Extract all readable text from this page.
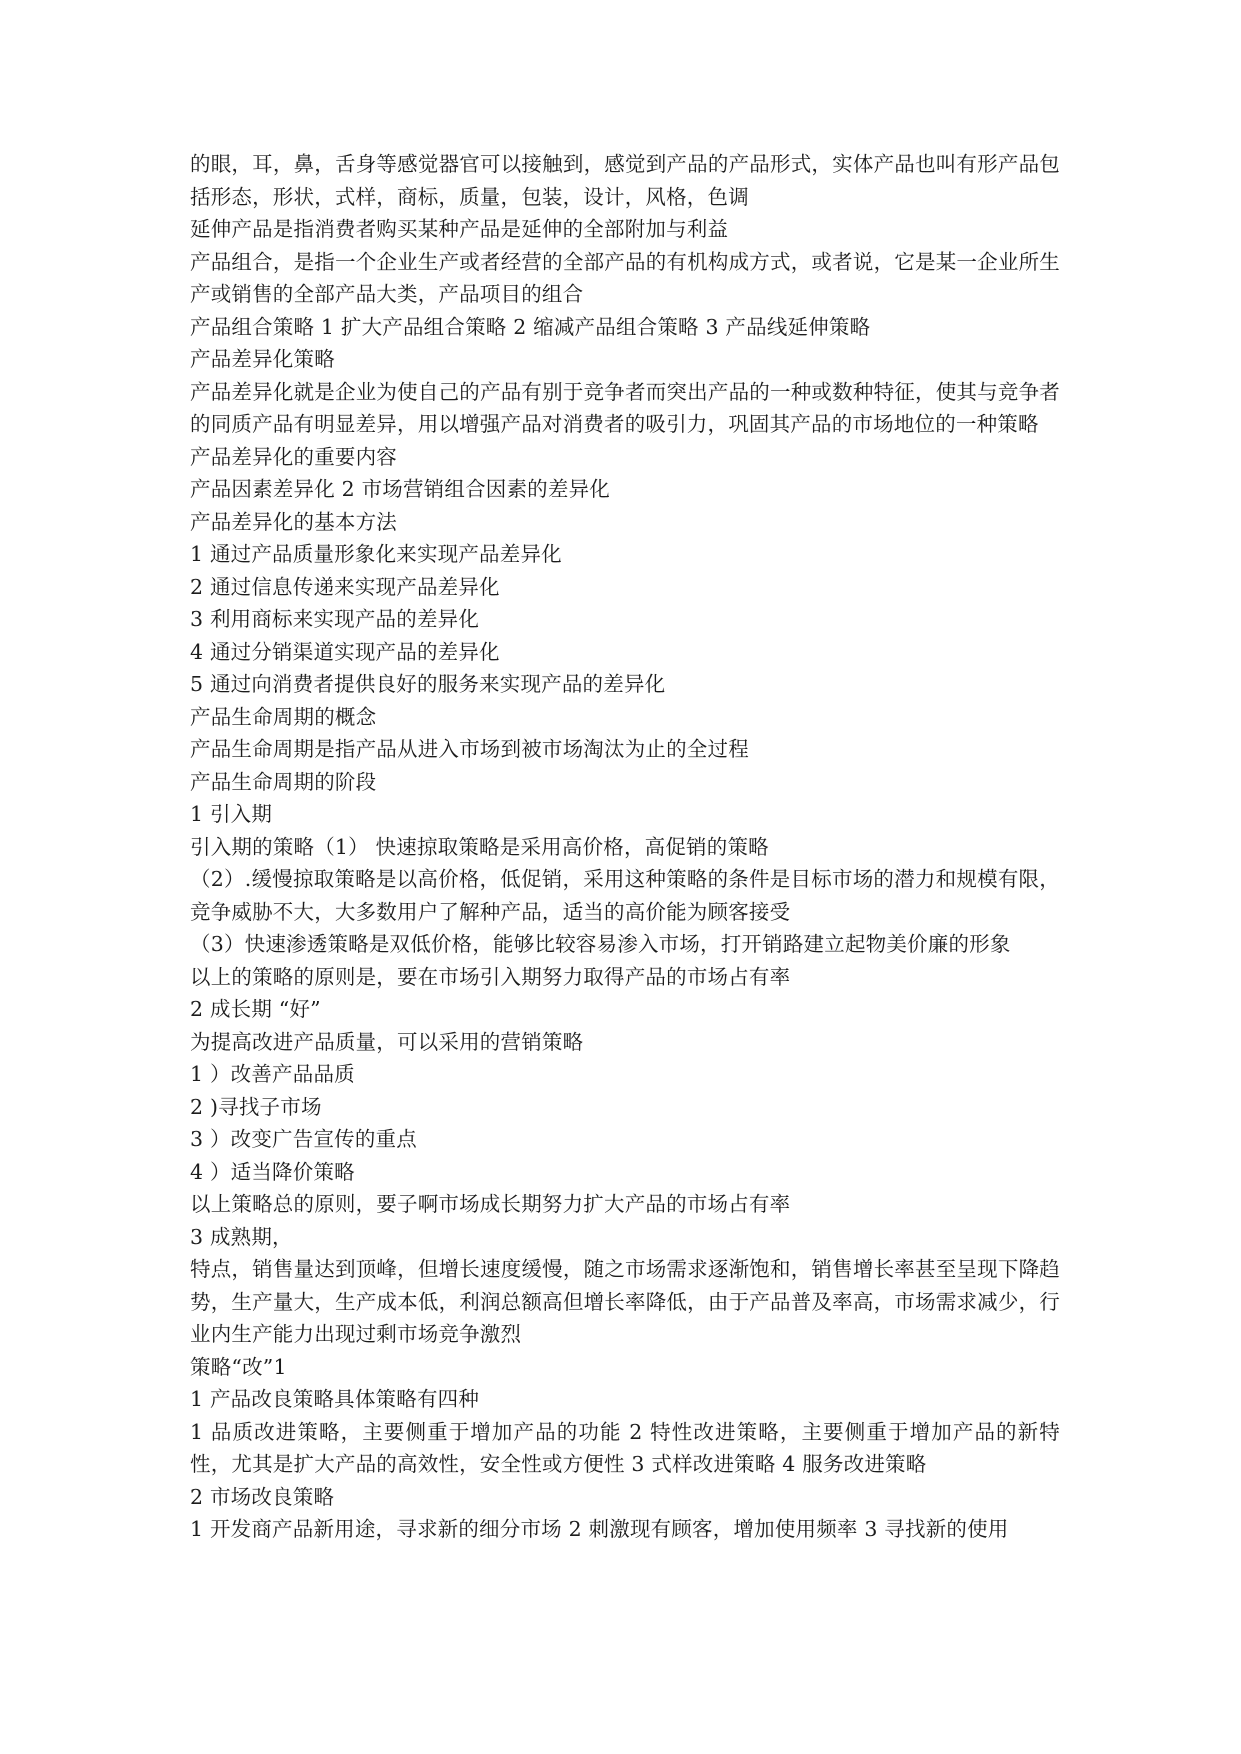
的眼，耳，鼻，舌身等感觉器官可以接触到，感觉到产品的产品形式，实体产品也叫有形产品包括形态，形状，式样，商标，质量，包装，设计，风格，色调

延伸产品是指消费者购买某种产品是延伸的全部附加与利益

产品组合，是指一个企业生产或者经营的全部产品的有机构成方式，或者说，它是某一企业所生产或销售的全部产品大类，产品项目的组合

产品组合策略 1 扩大产品组合策略 2 缩减产品组合策略 3 产品线延伸策略

产品差异化策略

产品差异化就是企业为使自己的产品有别于竞争者而突出产品的一种或数种特征，使其与竞争者的同质产品有明显差异，用以增强产品对消费者的吸引力，巩固其产品的市场地位的一种策略

产品差异化的重要内容

产品因素差异化 2 市场营销组合因素的差异化

产品差异化的基本方法

1 通过产品质量形象化来实现产品差异化

2 通过信息传递来实现产品差异化

3 利用商标来实现产品的差异化

4 通过分销渠道实现产品的差异化

5 通过向消费者提供良好的服务来实现产品的差异化

产品生命周期的概念

产品生命周期是指产品从进入市场到被市场淘汰为止的全过程

产品生命周期的阶段

1 引入期

引入期的策略（1） 快速掠取策略是采用高价格，高促销的策略

（2）.缓慢掠取策略是以高价格，低促销，采用这种策略的条件是目标市场的潜力和规模有限，竞争威胁不大，大多数用户了解种产品，适当的高价能为顾客接受

（3）快速渗透策略是双低价格，能够比较容易渗入市场，打开销路建立起物美价廉的形象

以上的策略的原则是，要在市场引入期努力取得产品的市场占有率

2 成长期 “好”

为提高改进产品质量，可以采用的营销策略

1 ）改善产品品质

2 )寻找子市场

3 ）改变广告宣传的重点

4 ）适当降价策略

以上策略总的原则，要子啊市场成长期努力扩大产品的市场占有率

3 成熟期，

特点，销售量达到顶峰，但增长速度缓慢，随之市场需求逐渐饱和，销售增长率甚至呈现下降趋势，生产量大，生产成本低，利润总额高但增长率降低，由于产品普及率高，市场需求减少，行业内生产能力出现过剩市场竞争激烈

策略“改”1

1 产品改良策略具体策略有四种

1 品质改进策略，主要侧重于增加产品的功能 2 特性改进策略，主要侧重于增加产品的新特性，尤其是扩大产品的高效性，安全性或方便性 3 式样改进策略 4 服务改进策略

2 市场改良策略

1 开发商产品新用途，寻求新的细分市场 2 刺激现有顾客，增加使用频率 3 寻找新的使用
